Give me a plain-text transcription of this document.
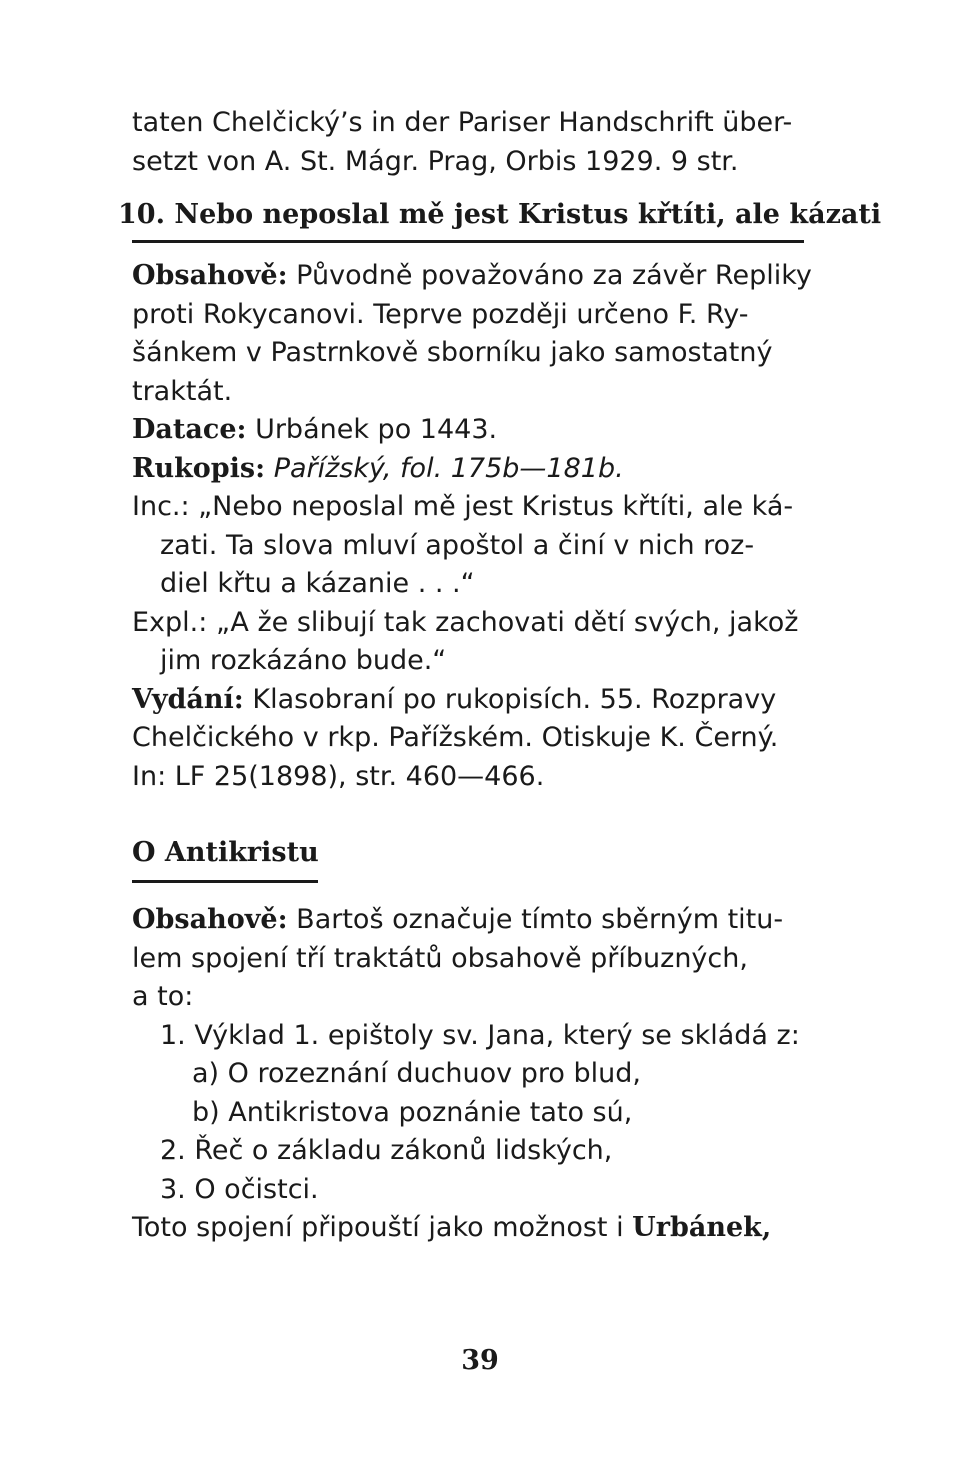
taten Chelčický’s in der Pariser Handschrift über-
setzt von A. St. Mágr. Prag, Orbis 1929. 9 str.
10. Nebo neposlal mě jest Kristus křtíti, ale kázati
Obsahově: Původně považováno za závěr Repliky
proti Rokycanovi. Teprve později určeno F. Ry-
šánkem v Pastrnkově sborníku jako samostatný
traktát.
Datace: Urbánek po 1443.
Rukopis: Pařížský, fol. 175b—181b.
Inc.: „Nebo neposlal mě jest Kristus křtíti, ale ká-
zati. Ta slova mluví apoštol a činí v nich roz-
diel křtu a kázanie . . .“
Expl.: „A že slibují tak zachovati dětí svých, jakož
jim rozkázáno bude.“
Vydání: Klasobraní po rukopisích. 55. Rozpravy
Chelčického v rkp. Pařížském. Otiskuje K. Černý.
In: LF 25(1898), str. 460—466.
O Antikristu
Obsahově: Bartoš označuje tímto sběrným titu-
lem spojení tří traktátů obsahově příbuzných,
a to:
1. Výklad 1. epištoly sv. Jana, který se skládá z:
a) O rozeznání duchuov pro blud,
b) Antikristova poznánie tato sú,
2. Řeč o základu zákonů lidských,
3. O očistci.
Toto spojení připouští jako možnost i Urbánek,
39
